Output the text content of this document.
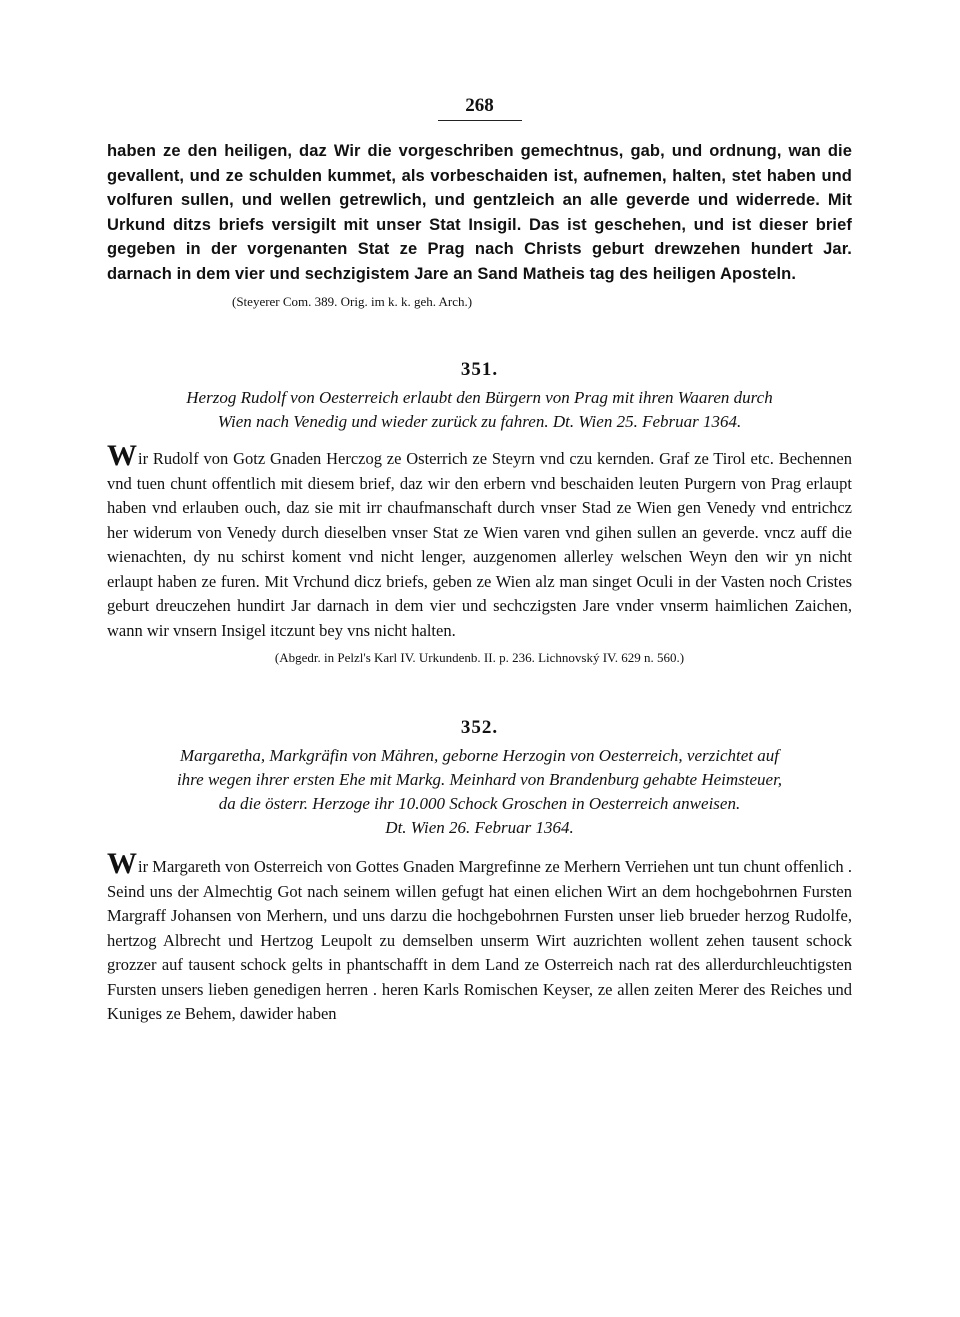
268
haben ze den heiligen, daz Wir die vorgeschriben gemechtnus, gab, und ordnung, wan die gevallent, und ze schulden kummet, als vorbeschaiden ist, aufnemen, halten, stet haben und volfuren sullen, und wellen getrewlich, und gentzleich an alle geverde und widerrede. Mit Urkund ditzs briefs versigilt mit unser Stat Insigil. Das ist geschehen, und ist dieser brief gegeben in der vorgenanten Stat ze Prag nach Christs geburt drewzehen hundert Jar. darnach in dem vier und sechzigistem Jare an Sand Matheis tag des heiligen Aposteln.
(Steyerer Com. 389. Orig. im k. k. geh. Arch.)
351.
Herzog Rudolf von Oesterreich erlaubt den Bürgern von Prag mit ihren Waaren durch
Wien nach Venedig und wieder zurück zu fahren. Dt. Wien 25. Februar 1364.
Wir Rudolf von Gotz Gnaden Herczog ze Osterrich ze Steyrn vnd czu kernden. Graf ze Tirol etc. Bechennen vnd tuen chunt offentlich mit diesem brief, daz wir den erbern vnd beschaiden leuten Purgern von Prag erlaupt haben vnd erlauben ouch, daz sie mit irr chaufmanschaft durch vnser Stad ze Wien gen Venedy vnd entrichcz her widerum von Venedy durch dieselben vnser Stat ze Wien varen vnd gihen sullen an geverde. vncz auff die wienachten, dy nu schirst koment vnd nicht lenger, auzgenomen allerley welschen Weyn den wir yn nicht erlaupt haben ze furen. Mit Vrchund dicz briefs, geben ze Wien alz man singet Oculi in der Vasten noch Cristes geburt dreuczehen hundirt Jar darnach in dem vier und sechczigsten Jare vnder vnserm haimlichen Zaichen, wann wir vnsern Insigel itczunt bey vns nicht halten.
(Abgedr. in Pelzl's Karl IV. Urkundenb. II. p. 236. Lichnovský IV. 629 n. 560.)
352.
Margaretha, Markgräfin von Mähren, geborne Herzogin von Oesterreich, verzichtet auf
ihre wegen ihrer ersten Ehe mit Markg. Meinhard von Brandenburg gehabte Heimsteuer,
da die österr. Herzoge ihr 10.000 Schock Groschen in Oesterreich anweisen.
Dt. Wien 26. Februar 1364.
Wir Margareth von Osterreich von Gottes Gnaden Margrefinne ze Merhern Verriehen unt tun chunt offenlich . Seind uns der Almechtig Got nach seinem willen gefugt hat einen elichen Wirt an dem hochgebohrnen Fursten Margraff Johansen von Merhern, und uns darzu die hochgebohrnen Fursten unser lieb brueder herzog Rudolfe, hertzog Albrecht und Hertzog Leupolt zu demselben unserm Wirt auzrichten wollent zehen tausent schock grozzer auf tausent schock gelts in phantschafft in dem Land ze Osterreich nach rat des allerdurchleuchtigsten Fursten unsers lieben genedigen herren . heren Karls Romischen Keyser, ze allen zeiten Merer des Reiches und Kuniges ze Behem, dawider haben
